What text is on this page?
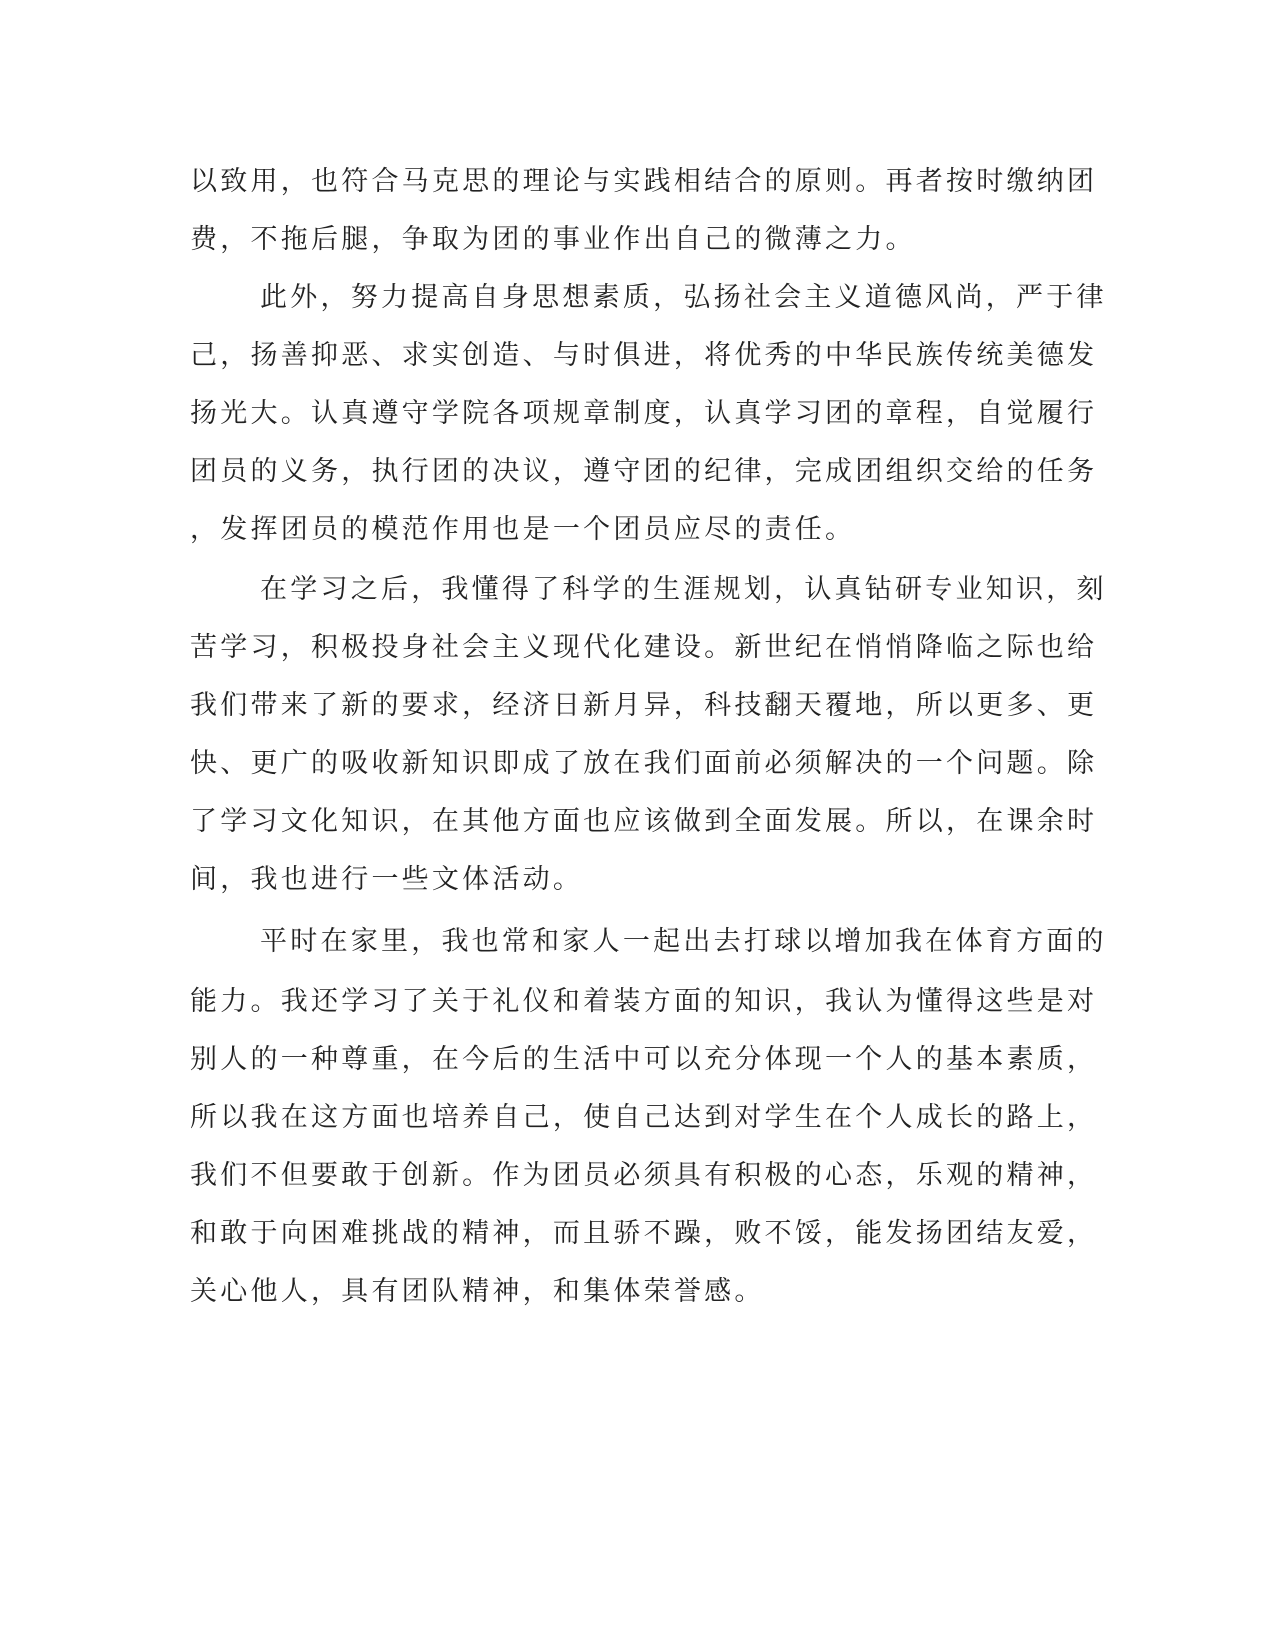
以致用，也符合马克思的理论与实践相结合的原则。再者按时缴纳团
费，不拖后腿，争取为团的事业作出自己的微薄之力。
此外，努力提高自身思想素质，弘扬社会主义道德风尚，严于律
己，扬善抑恶、求实创造、与时俱进，将优秀的中华民族传统美德发
扬光大。认真遵守学院各项规章制度，认真学习团的章程，自觉履行
团员的义务，执行团的决议，遵守团的纪律，完成团组织交给的任务
，发挥团员的模范作用也是一个团员应尽的责任。
在学习之后，我懂得了科学的生涯规划，认真钻研专业知识，刻
苦学习，积极投身社会主义现代化建设。新世纪在悄悄降临之际也给
我们带来了新的要求，经济日新月异，科技翻天覆地，所以更多、更
快、更广的吸收新知识即成了放在我们面前必须解决的一个问题。除
了学习文化知识，在其他方面也应该做到全面发展。所以，在课余时
间，我也进行一些文体活动。
平时在家里，我也常和家人一起出去打球以增加我在体育方面的
能力。我还学习了关于礼仪和着装方面的知识，我认为懂得这些是对
别人的一种尊重，在今后的生活中可以充分体现一个人的基本素质，
所以我在这方面也培养自己，使自己达到对学生在个人成长的路上，
我们不但要敢于创新。作为团员必须具有积极的心态，乐观的精神，
和敢于向困难挑战的精神，而且骄不躁，败不馁，能发扬团结友爱，
关心他人，具有团队精神，和集体荣誉感。
